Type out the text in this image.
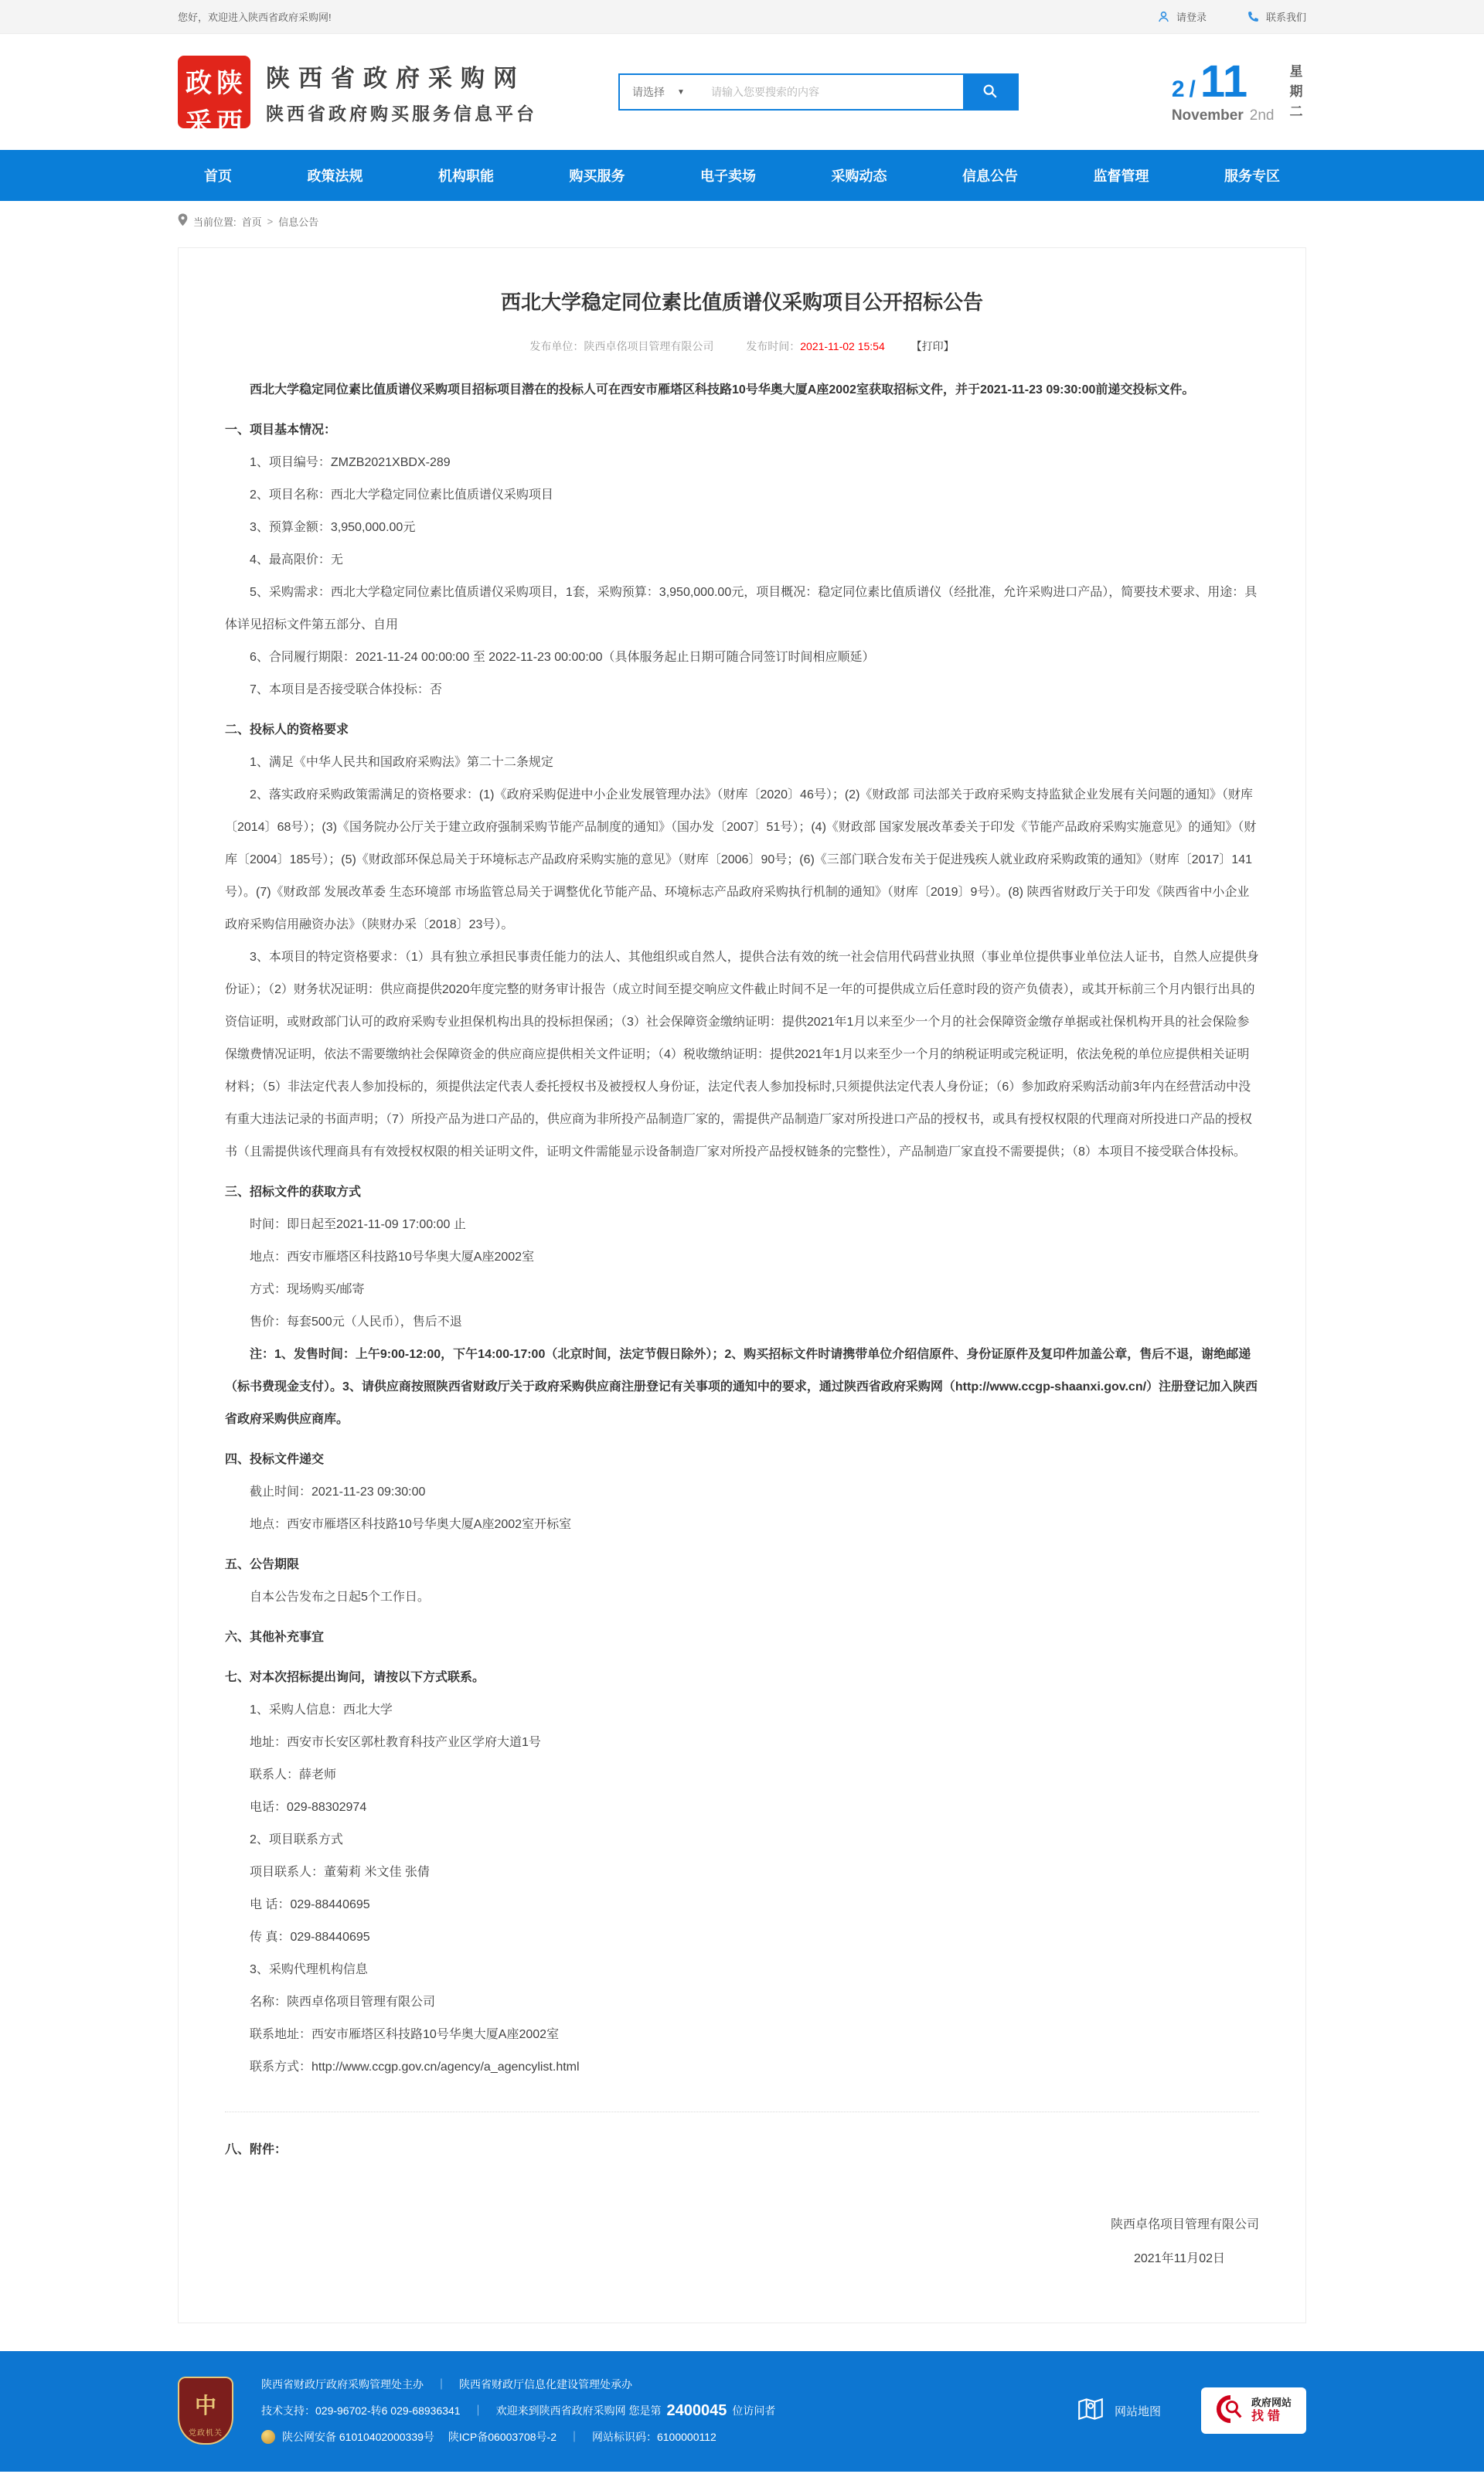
您好，欢迎进入陕西省政府采购网!	请登录	联系我们
政 陕
采 西
陕西省政府采购网
陕西省政府购买服务信息平台
请选择 ▼
请输入您要搜索的内容	2 / 11
November 2nd
星期二
首页	政策法规	机构职能	购买服务	电子卖场	采购动态	信息公告	监督管理	服务专区
当前位置: 首页 > 信息公告
西北大学稳定同位素比值质谱仪采购项目公开招标公告
发布单位：陕西卓佲项目管理有限公司	发布时间：2021-11-02 15:54 【打印】
西北大学稳定同位素比值质谱仪采购项目招标项目潜在的投标人可在西安市雁塔区科技路10号华奥大厦A座2002室获取招标文件，并于2021-11-23 09:30:00前递交投标文件。
一、项目基本情况：
1、项目编号：ZMZB2021XBDX-289
2、项目名称：西北大学稳定同位素比值质谱仪采购项目
3、预算金额：3,950,000.00元
4、最高限价：无
5、采购需求：西北大学稳定同位素比值质谱仪采购项目，1套，采购预算：3,950,000.00元，项目概况：稳定同位素比值质谱仪（经批准，允许采购进口产品），简要技术要求、用途：具体详见招标文件第五部分、自用
6、合同履行期限：2021-11-24 00:00:00 至 2022-11-23 00:00:00（具体服务起止日期可随合同签订时间相应顺延）
7、本项目是否接受联合体投标：否
二、投标人的资格要求
1、满足《中华人民共和国政府采购法》第二十二条规定
2、落实政府采购政策需满足的资格要求：(1)《政府采购促进中小企业发展管理办法》（财库〔2020〕46号）；(2)《财政部 司法部关于政府采购支持监狱企业发展有关问题的通知》（财库〔2014〕68号）；(3)《国务院办公厅关于建立政府强制采购节能产品制度的通知》（国办发〔2007〕51号）；(4)《财政部 国家发展改革委关于印发《节能产品政府采购实施意见》的通知》（财库〔2004〕185号）；(5)《财政部环保总局关于环境标志产品政府采购实施的意见》（财库〔2006〕90号；(6)《三部门联合发布关于促进残疾人就业政府采购政策的通知》（财库〔2017〕141号）。(7)《财政部 发展改革委 生态环境部 市场监管总局关于调整优化节能产品、环境标志产品政府采购执行机制的通知》（财库〔2019〕9号）。(8) 陕西省财政厅关于印发《陕西省中小企业政府采购信用融资办法》（陕财办采〔2018〕23号）。
3、本项目的特定资格要求：（1）具有独立承担民事责任能力的法人、其他组织或自然人，提供合法有效的统一社会信用代码营业执照（事业单位提供事业单位法人证书，自然人应提供身份证）；（2）财务状况证明：供应商提供2020年度完整的财务审计报告（成立时间至提交响应文件截止时间不足一年的可提供成立后任意时段的资产负债表），或其开标前三个月内银行出具的资信证明，或财政部门认可的政府采购专业担保机构出具的投标担保函；（3）社会保障资金缴纳证明：提供2021年1月以来至少一个月的社会保障资金缴存单据或社保机构开具的社会保险参保缴费情况证明，依法不需要缴纳社会保障资金的供应商应提供相关文件证明；（4）税收缴纳证明：提供2021年1月以来至少一个月的纳税证明或完税证明，依法免税的单位应提供相关证明材料；（5）非法定代表人参加投标的，须提供法定代表人委托授权书及被授权人身份证，法定代表人参加投标时,只须提供法定代表人身份证；（6）参加政府采购活动前3年内在经营活动中没有重大违法记录的书面声明；（7）所投产品为进口产品的，供应商为非所投产品制造厂家的，需提供产品制造厂家对所投进口产品的授权书，或具有授权权限的代理商对所投进口产品的授权书（且需提供该代理商具有有效授权权限的相关证明文件，证明文件需能显示设备制造厂家对所投产品授权链条的完整性），产品制造厂家直投不需要提供；（8）本项目不接受联合体投标。
三、招标文件的获取方式
时间：即日起至2021-11-09 17:00:00 止
地点：西安市雁塔区科技路10号华奥大厦A座2002室
方式：现场购买/邮寄
售价：每套500元（人民币），售后不退
注：1、发售时间：上午9:00-12:00，下午14:00-17:00（北京时间，法定节假日除外）；2、购买招标文件时请携带单位介绍信原件、身份证原件及复印件加盖公章，售后不退，谢绝邮递（标书费现金支付）。3、请供应商按照陕西省财政厅关于政府采购供应商注册登记有关事项的通知中的要求，通过陕西省政府采购网（http://www.ccgp-shaanxi.gov.cn/）注册登记加入陕西省政府采购供应商库。
四、投标文件递交
截止时间：2021-11-23 09:30:00
地点：西安市雁塔区科技路10号华奥大厦A座2002室开标室
五、公告期限
自本公告发布之日起5个工作日。
六、其他补充事宜
七、对本次招标提出询问，请按以下方式联系。
1、采购人信息：西北大学
地址：西安市长安区郭杜教育科技产业区学府大道1号
联系人：薛老师
电话：029-88302974
2、项目联系方式
项目联系人：董菊莉 米文佳 张倩
电 话：029-88440695
传 真：029-88440695
3、采购代理机构信息
名称：陕西卓佲项目管理有限公司
联系地址：西安市雁塔区科技路10号华奥大厦A座2002室
联系方式：http://www.ccgp.gov.cn/agency/a_agencylist.html
八、附件：
陕西卓佲项目管理有限公司
2021年11月02日
中
党政机关
陕西省财政厅政府采购管理处主办 ｜ 陕西省财政厅信息化建设管理处承办
技术支持：029-96702-转6 029-68936341 ｜ 欢迎来到陕西省政府采购网 您是第 2400045 位访问者
陕公网安备 61010402000339号 陕ICP备06003708号-2 ｜ 网站标识码：6100000112
网站地图
政府网站
找错
